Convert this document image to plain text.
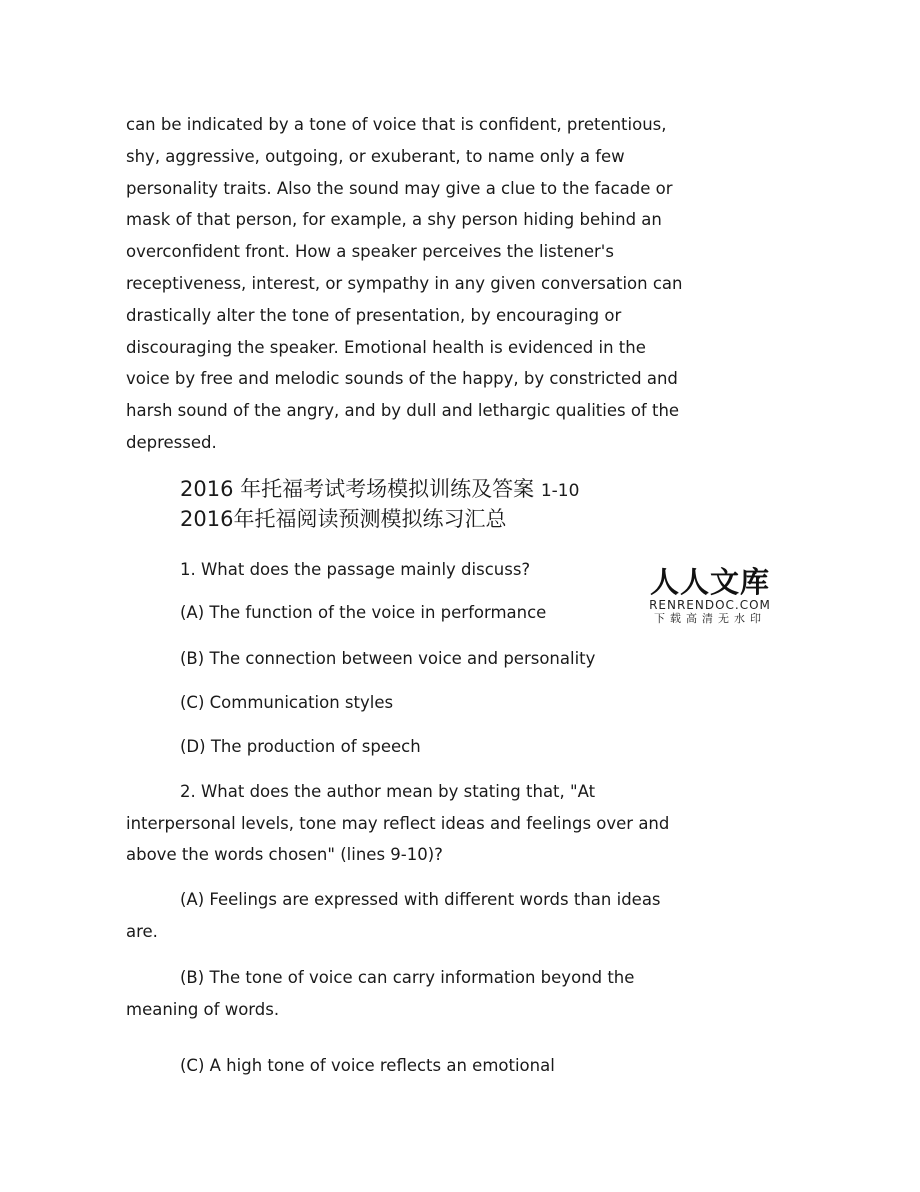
can be indicated by a tone of voice that is confident, pretentious,
shy, aggressive, outgoing, or exuberant, to name only a few
personality traits. Also the sound may give a clue to the facade or
mask of that person, for example, a shy person hiding behind an
overconfident front. How a speaker perceives the listener's
receptiveness, interest, or sympathy in any given conversation can
drastically alter the tone of presentation, by encouraging or
discouraging the speaker. Emotional health is evidenced in the
voice by free and melodic sounds of the happy, by constricted and
harsh sound of the angry, and by dull and lethargic qualities of the
depressed.
2016 年托福考试考场模拟训练及答案 1-10
2016年托福阅读预测模拟练习汇总

1. What does the passage mainly discuss?

(A) The function of the voice in performance

(B) The connection between voice and personality

(C) Communication styles

(D) The production of speech

2. What does the author mean by stating that, "At
interpersonal levels, tone may reflect ideas and feelings over and
above the words chosen" (lines 9-10)?
(A) Feelings are expressed with different words than ideas
are.
(B) The tone of voice can carry information beyond the
meaning of words.
(C) A high tone of voice reflects an emotional
人人文库
RENRENDOC.COM
下载高清无水印
